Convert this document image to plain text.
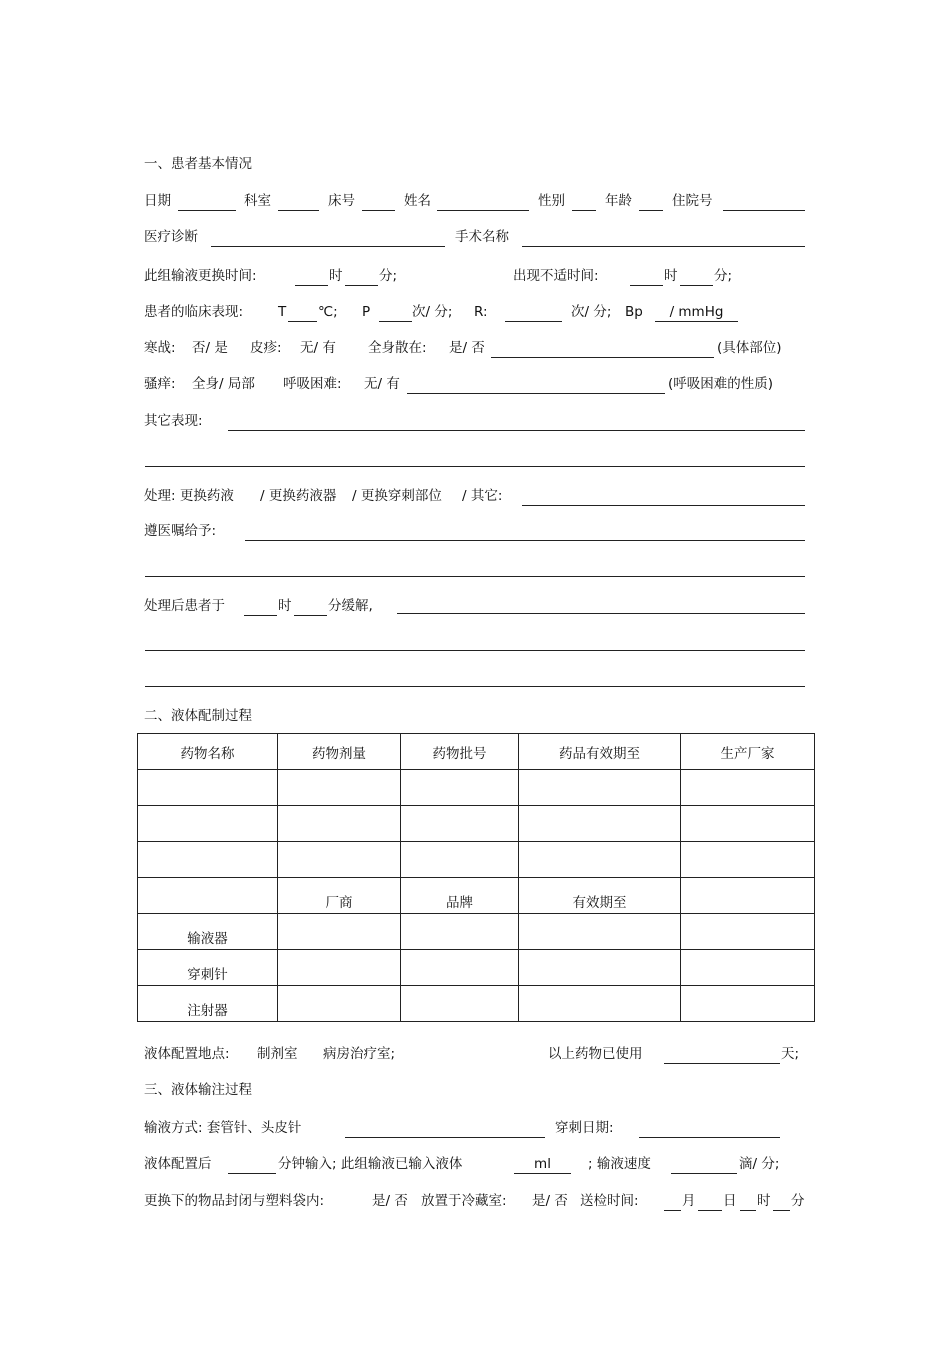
一、患者基本情况
日期	科室	床号	姓名	性别	年龄	住院号
医疗诊断	手术名称
此组输液更换时间:	时	分;	出现不适时间:	时	分;
患者的临床表现:	T ℃; P	次/ 分; R:	次/ 分; Bp	/ mmHg
寒战: 否/ 是 皮疹: 无/ 有 全身散在: 是/ 否	(具体部位)
骚痒: 全身/ 局部 呼吸困难: 无/ 有	(呼吸困难的性质)
其它表现:
处理: 更换药液 / 更换药液器 / 更换穿刺部位 / 其它:
遵医嘱给予:
处理后患者于	时	分缓解,
二、液体配制过程
药物名称	药物剂量	药物批号	药品有效期至	生产厂家

	厂商	品牌	有效期至	
输液器				
穿刺针				
注射器				
液体配置地点: 制剂室 病房治疗室;	以上药物已使用	天;
三、液体输注过程
输液方式: 套管针、头皮针	穿刺日期:
液体配置后	分钟输入; 此组输液已输入液体	ml	; 输液速度	滴/ 分;
更换下的物品封闭与塑料袋内:	是/ 否 放置于冷藏室: 是/ 否 送检时间:	月 日 时 分
